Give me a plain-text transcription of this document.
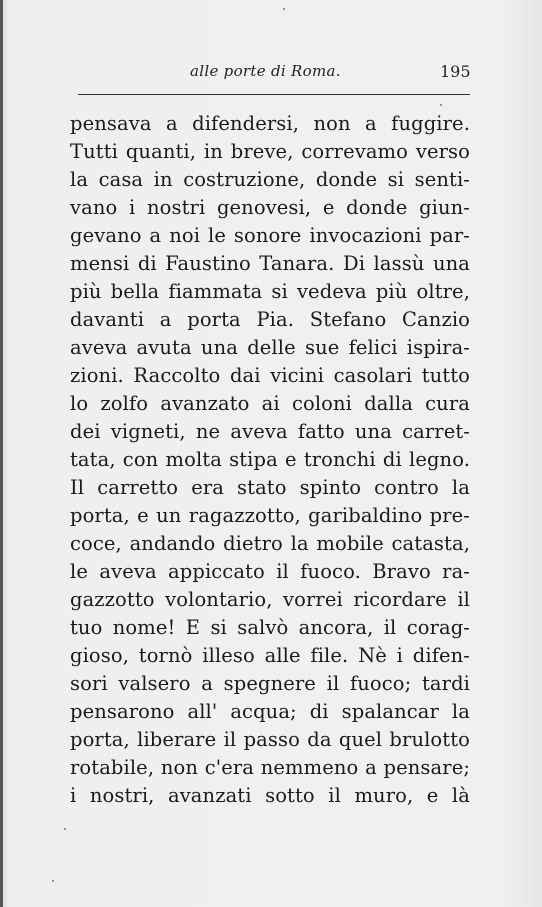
alle porte di Roma.	195
pensava a difendersi, non a fuggire.
Tutti quanti, in breve, correvamo verso
la casa in costruzione, donde si senti-
vano i nostri genovesi, e donde giun-
gevano a noi le sonore invocazioni par-
mensi di Faustino Tanara. Di lassù una
più bella fiammata si vedeva più oltre,
davanti a porta Pia. Stefano Canzio
aveva avuta una delle sue felici ispira-
zioni. Raccolto dai vicini casolari tutto
lo zolfo avanzato ai coloni dalla cura
dei vigneti, ne aveva fatto una carret-
tata, con molta stipa e tronchi di legno.
Il carretto era stato spinto contro la
porta, e un ragazzotto, garibaldino pre-
coce, andando dietro la mobile catasta,
le aveva appiccato il fuoco. Bravo ra-
gazzotto volontario, vorrei ricordare il
tuo nome! E si salvò ancora, il corag-
gioso, tornò illeso alle file. Nè i difen-
sori valsero a spegnere il fuoco; tardi
pensarono all' acqua; di spalancar la
porta, liberare il passo da quel brulotto
rotabile, non c'era nemmeno a pensare;
i nostri, avanzati sotto il muro, e là
